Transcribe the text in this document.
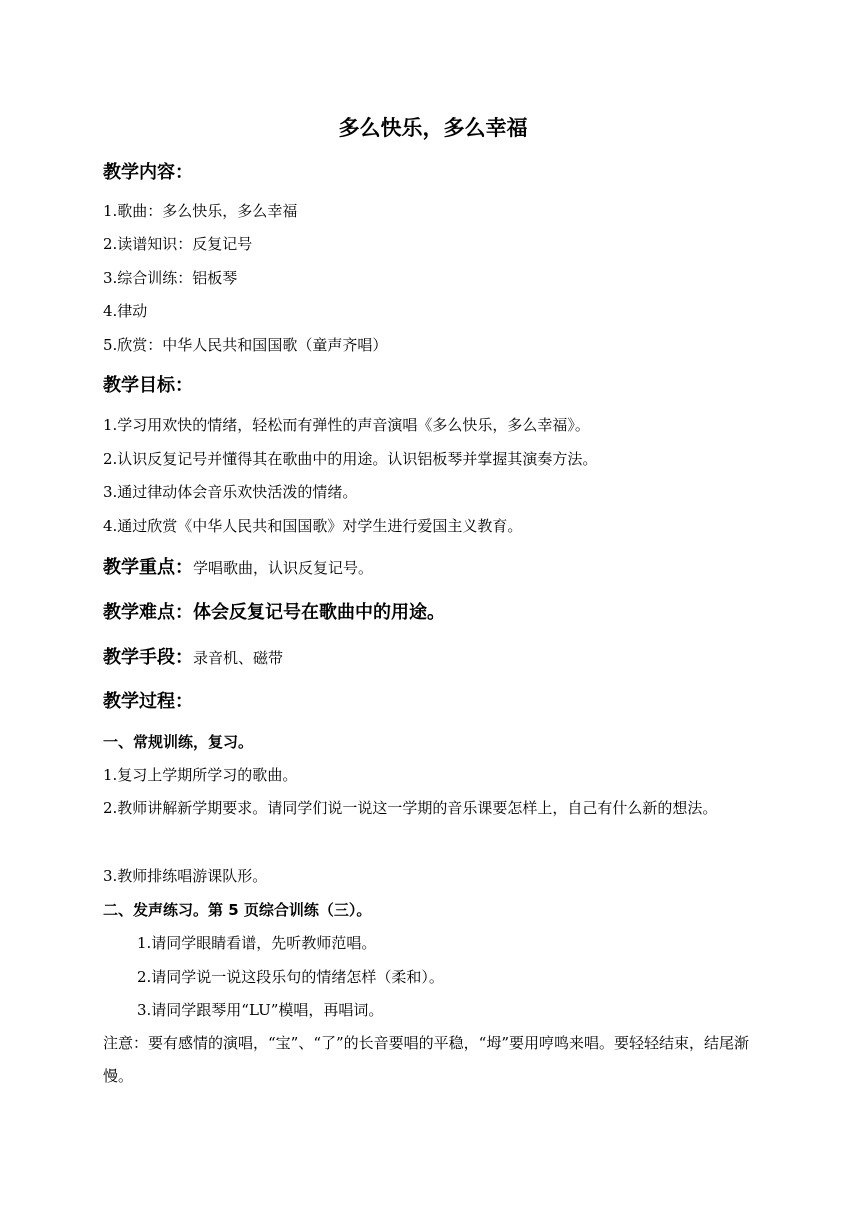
多么快乐，多么幸福
教学内容：
1.歌曲：多么快乐，多么幸福
2.读谱知识：反复记号
3.综合训练：铝板琴
4.律动
5.欣赏：中华人民共和国国歌（童声齐唱）
教学目标：
1.学习用欢快的情绪，轻松而有弹性的声音演唱《多么快乐，多么幸福》。
2.认识反复记号并懂得其在歌曲中的用途。认识铝板琴并掌握其演奏方法。
3.通过律动体会音乐欢快活泼的情绪。
4.通过欣赏《中华人民共和国国歌》对学生进行爱国主义教育。
教学重点：学唱歌曲，认识反复记号。
教学难点：体会反复记号在歌曲中的用途。
教学手段：录音机、磁带
教学过程：
一、常规训练，复习。
1.复习上学期所学习的歌曲。
2.教师讲解新学期要求。请同学们说一说这一学期的音乐课要怎样上，自己有什么新的想法。
3.教师排练唱游课队形。
二、发声练习。第 5 页综合训练（三）。
1.请同学眼睛看谱，先听教师范唱。
2.请同学说一说这段乐句的情绪怎样（柔和）。
3.请同学跟琴用“LU”模唱，再唱词。
注意：要有感情的演唱，“宝”、“了”的长音要唱的平稳，“坶”要用哼鸣来唱。要轻轻结束，结尾渐慢。
